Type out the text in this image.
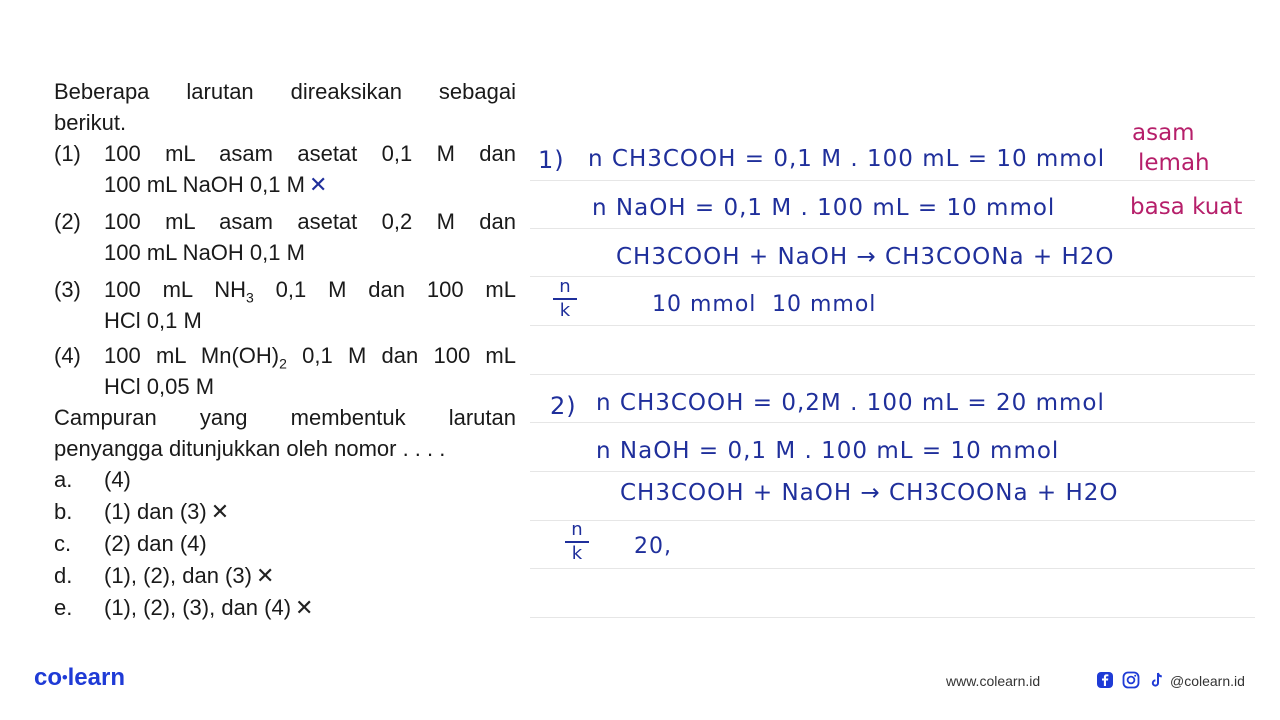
Beberapa larutan direaksikan sebagai
berikut.
(1) 100 mL asam asetat 0,1 M dan
100 mL NaOH 0,1 M ✕
(2) 100 mL asam asetat 0,2 M dan
100 mL NaOH 0,1 M
(3) 100 mL $NH_3$ 0,1 M dan 100 mL
HCl 0,1 M
(4) 100 mL $Mn(OH)_2$ 0,1 M dan 100 mL
HCl 0,05 M
Campuran yang membentuk larutan
penyangga ditunjukkan oleh nomor . . . .
a. (4)
b. (1) dan (3) ✕
c. (2) dan (4)
d. (1), (2), dan (3) ✕
e. (1), (2), (3), dan (4) ✕
1) n CH3COOH = 0,1 M . 100 mL = 10 mmol
asam
lemah
n NaOH = 0,1 M . 100 mL = 10 mmol	basa kuat
CH3COOH + NaOH → CH3COONa + H2O
n
k	10 mmol 10 mmol
2) n CH3COOH = 0,2M . 100 mL = 20 mmol
n NaOH = 0,1 M . 100 mL = 10 mmol
CH3COOH + NaOH → CH3COONa + H2O
n
k	20,
co•learn	www.colearn.id	@colearn.id
